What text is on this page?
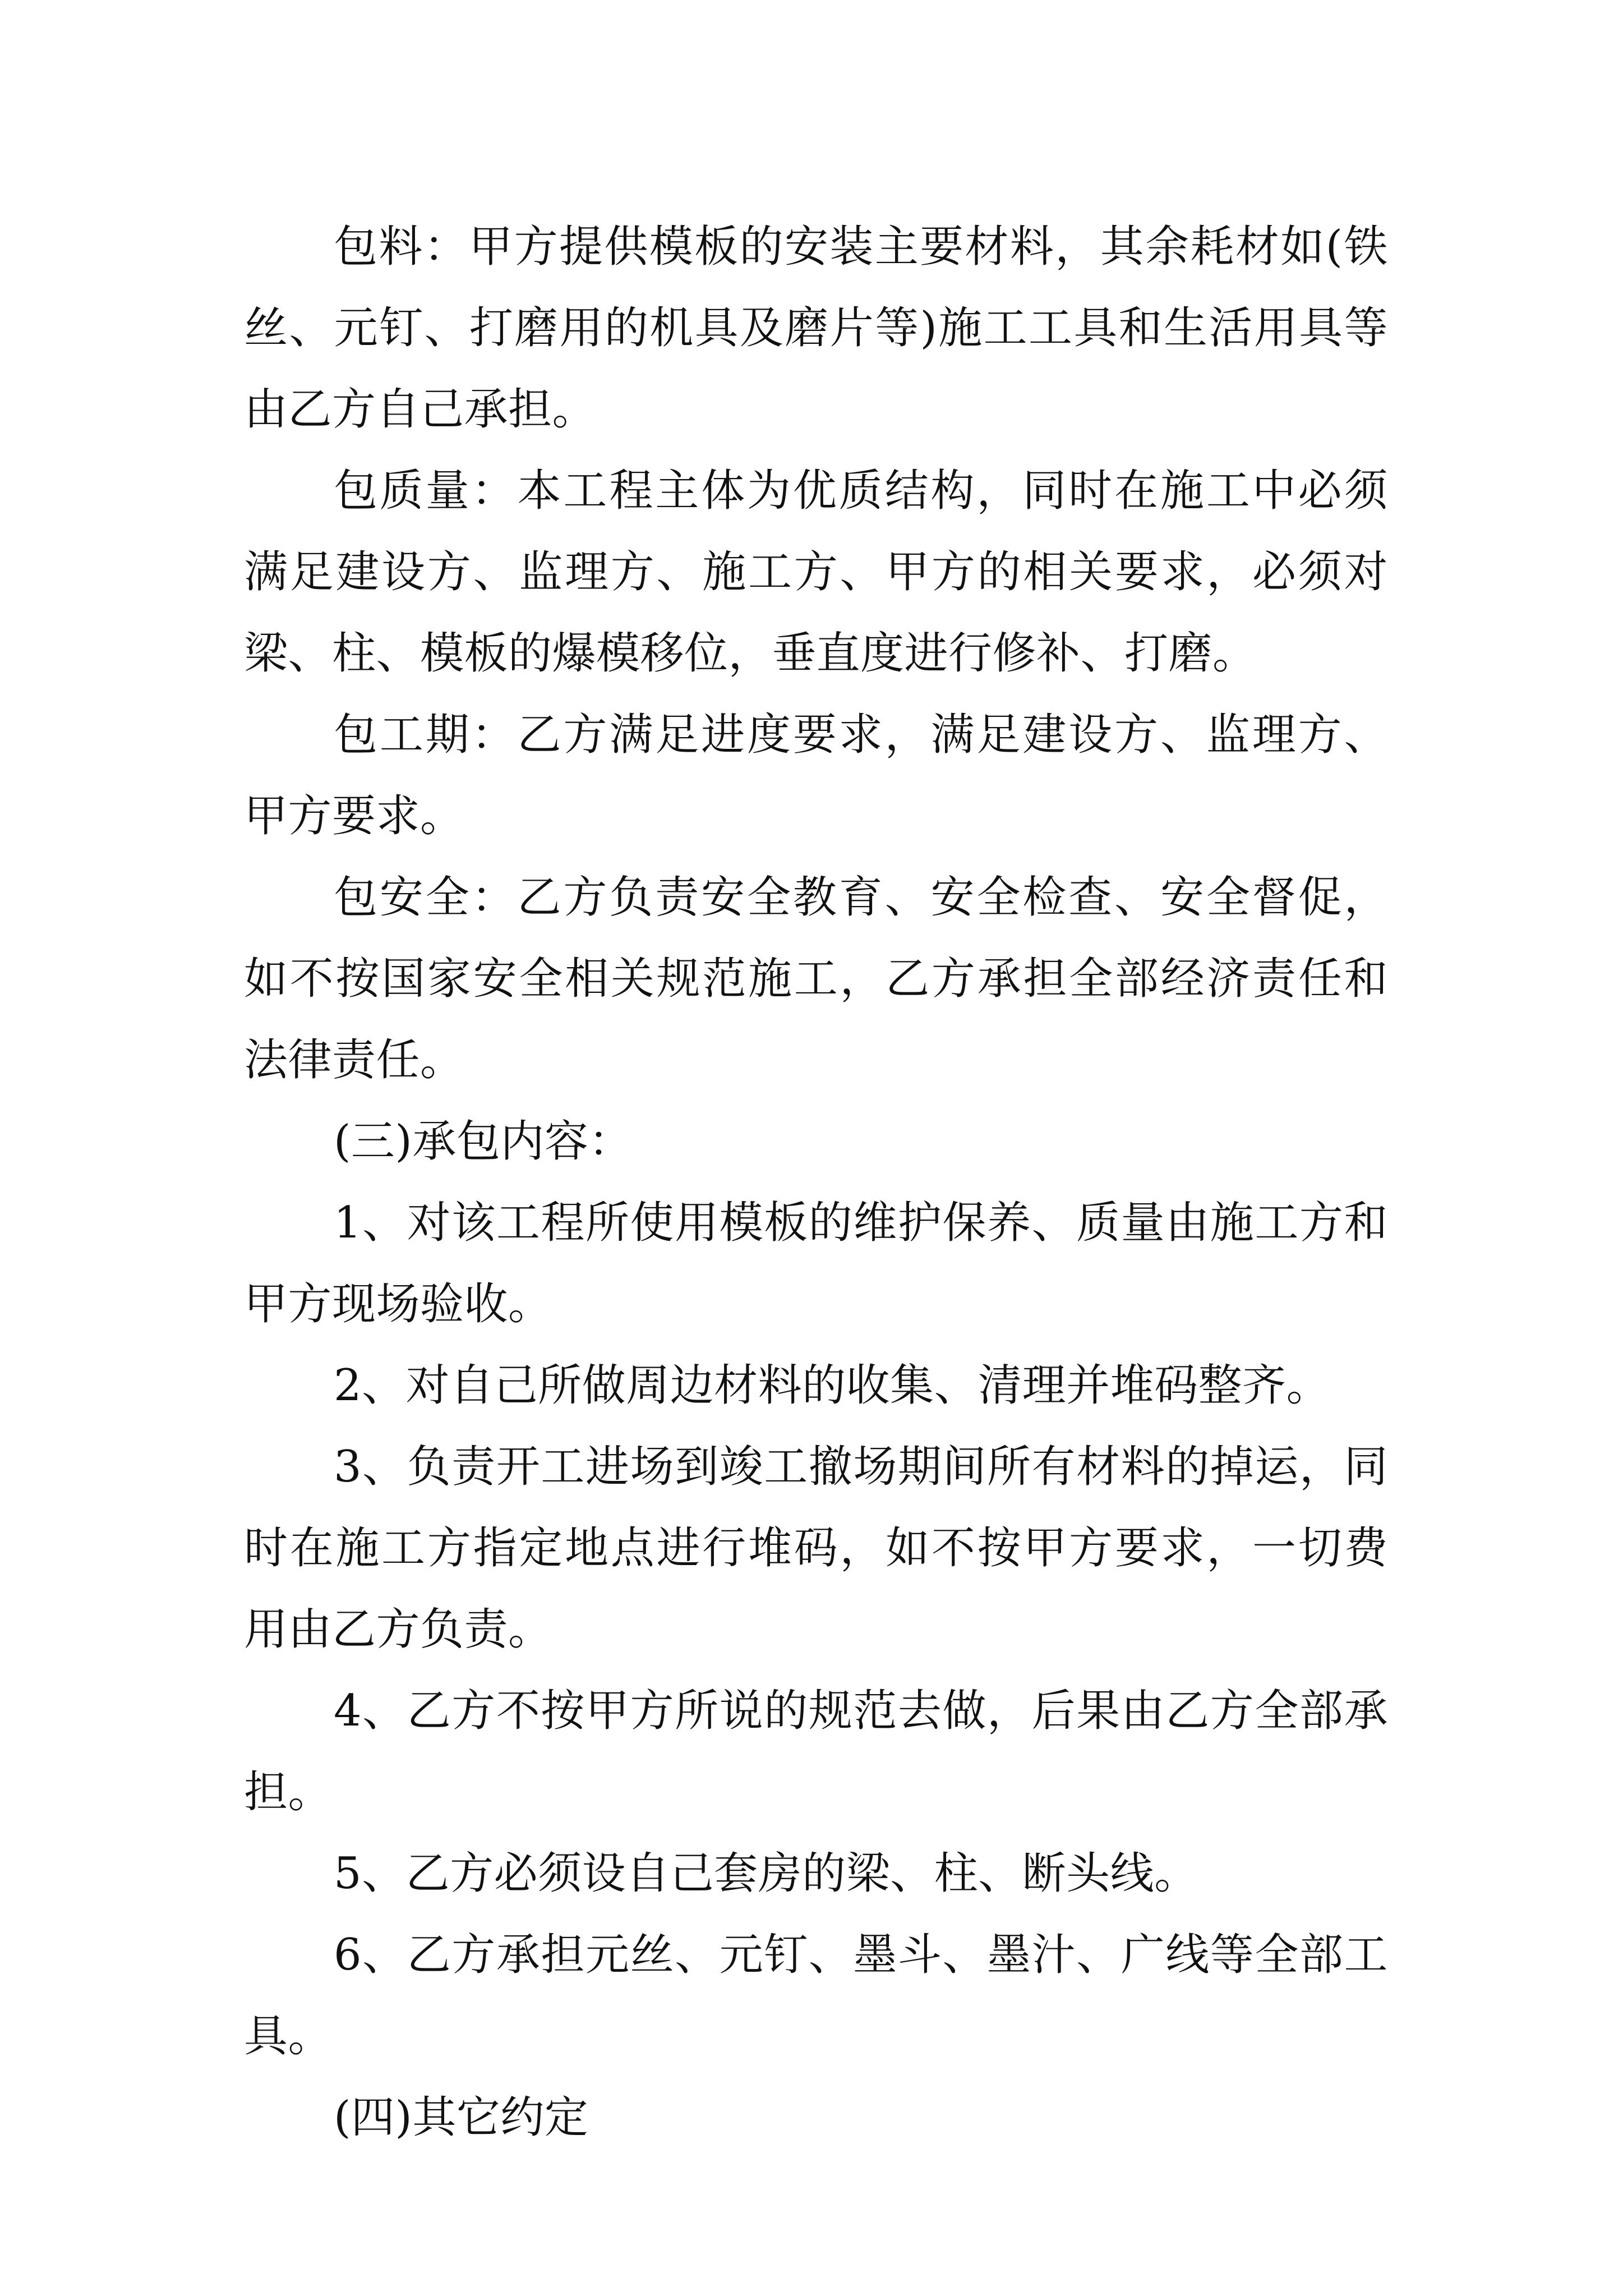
包料：甲方提供模板的安装主要材料，其余耗材如(铁丝、元钉、打磨用的机具及磨片等)施工工具和生活用具等由乙方自己承担。

包质量：本工程主体为优质结构，同时在施工中必须满足建设方、监理方、施工方、甲方的相关要求，必须对梁、柱、模板的爆模移位，垂直度进行修补、打磨。

包工期：乙方满足进度要求，满足建设方、监理方、甲方要求。

包安全：乙方负责安全教育、安全检查、安全督促，如不按国家安全相关规范施工，乙方承担全部经济责任和法律责任。

(三)承包内容：

1、对该工程所使用模板的维护保养、质量由施工方和甲方现场验收。

2、对自己所做周边材料的收集、清理并堆码整齐。

3、负责开工进场到竣工撤场期间所有材料的掉运，同时在施工方指定地点进行堆码，如不按甲方要求，一切费用由乙方负责。

4、乙方不按甲方所说的规范去做，后果由乙方全部承担。

5、乙方必须设自己套房的梁、柱、断头线。

6、乙方承担元丝、元钉、墨斗、墨汁、广线等全部工具。

(四)其它约定
